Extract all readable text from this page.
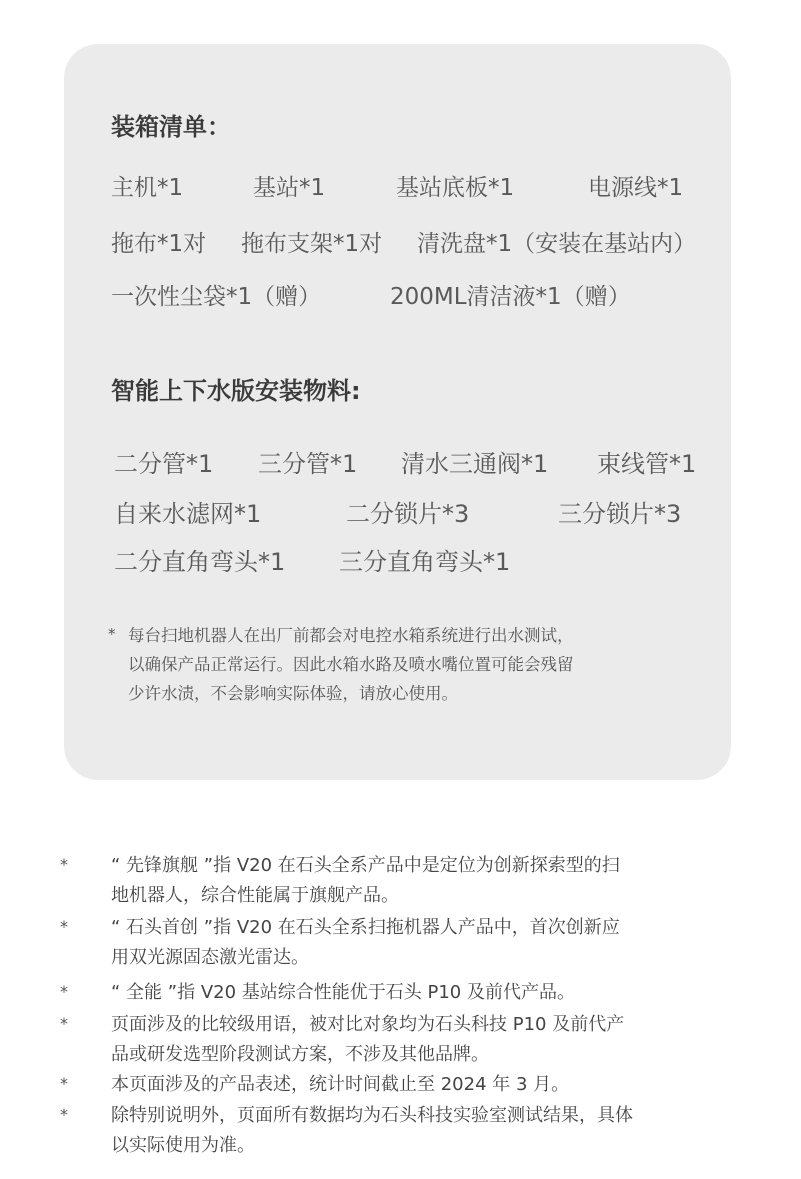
装箱清单：
主机*1	基站*1	基站底板*1	电源线*1
拖布*1对 拖布支架*1对 清洗盘*1（安装在基站内）
一次性尘袋*1（赠）	200ML清洁液*1（赠）
智能上下水版安装物料:
二分管*1 三分管*1 清水三通阀*1 束线管*1
自来水滤网*1	二分锁片*3	三分锁片*3
二分直角弯头*1 三分直角弯头*1
* 每台扫地机器人在出厂前都会对电控水箱系统进行出水测试，
以确保产品正常运行。因此水箱水路及喷水嘴位置可能会残留
少许水渍，不会影响实际体验，请放心使用。
* “ 先锋旗舰 ”指 V20 在石头全系产品中是定位为创新探索型的扫
地机器人，综合性能属于旗舰产品。
* “ 石头首创 ”指 V20 在石头全系扫拖机器人产品中，首次创新应
用双光源固态激光雷达。
* “ 全能 ”指 V20 基站综合性能优于石头 P10 及前代产品。
* 页面涉及的比较级用语，被对比对象均为石头科技 P10 及前代产
品或研发选型阶段测试方案，不涉及其他品牌。
* 本页面涉及的产品表述，统计时间截止至 2024 年 3 月。
* 除特别说明外，页面所有数据均为石头科技实验室测试结果，具体
以实际使用为准。
